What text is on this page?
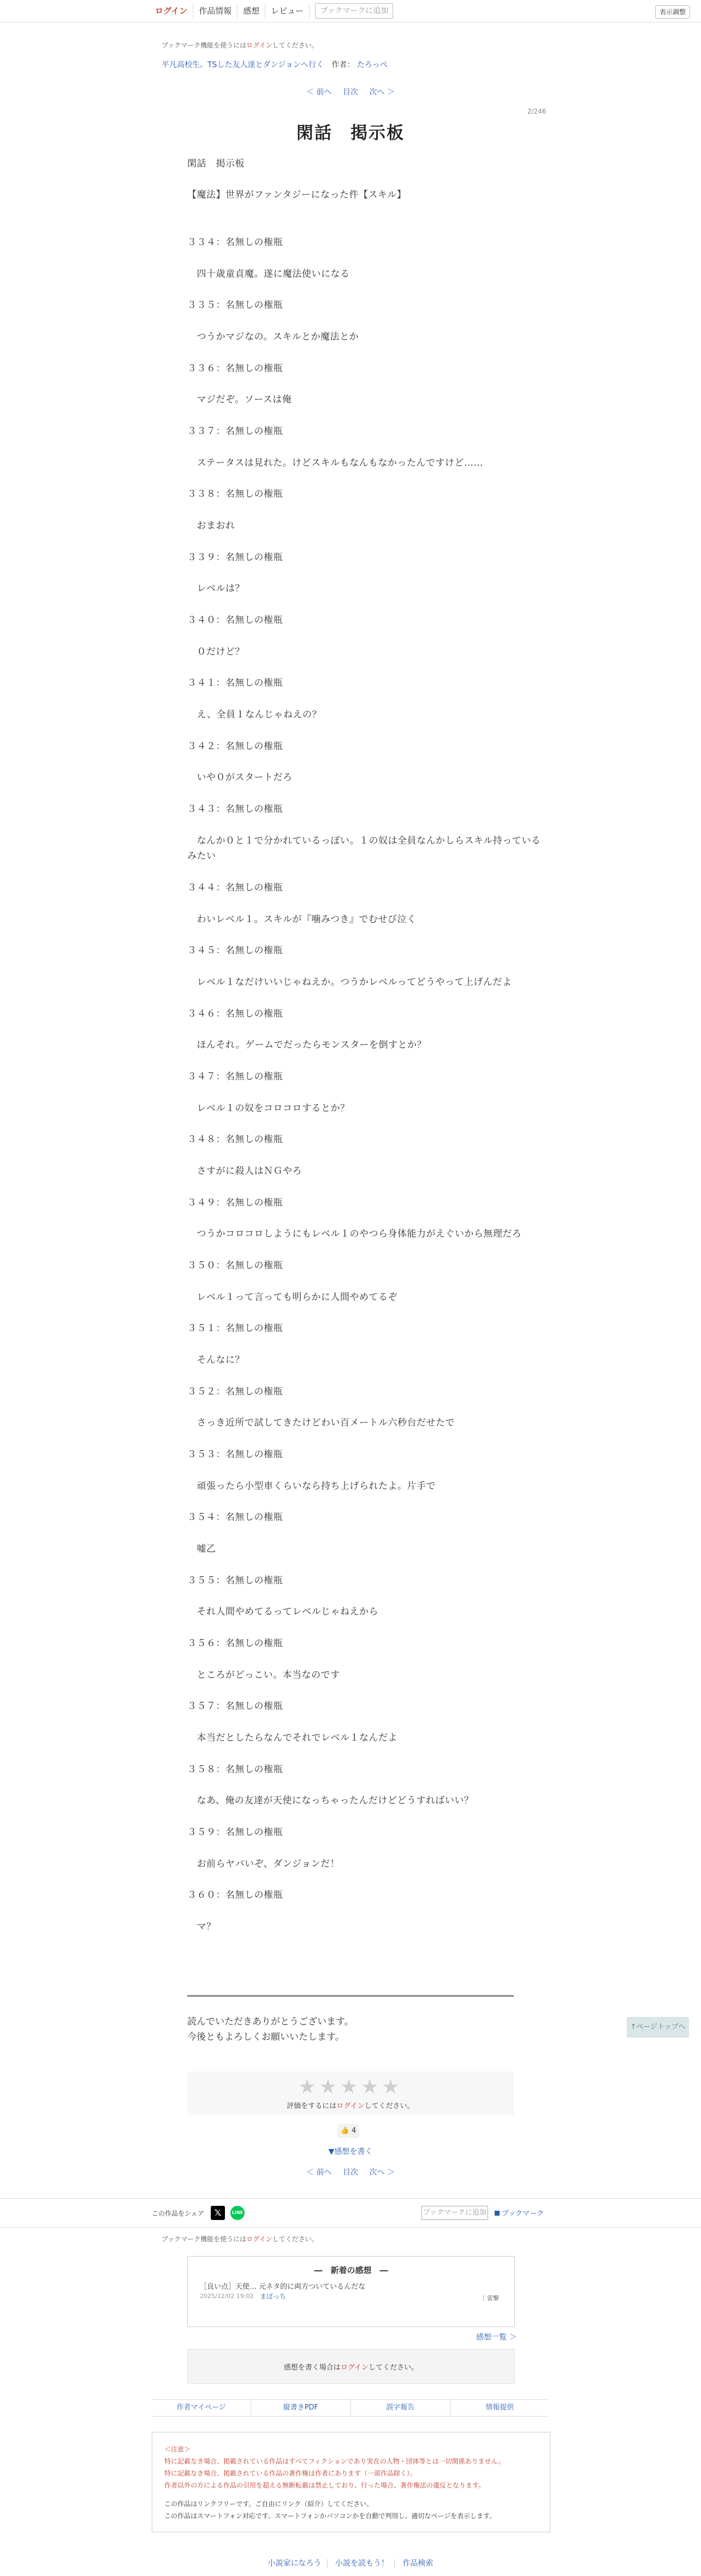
ログイン	作品情報	感想	レビュー	ブックマークに追加	表示調整
ブックマーク機能を使うにはログインしてください。
平凡高校生。TSした友人達とダンジョンへ行く 作者： たろっぺ
＜ 前へ 目次 次へ ＞
2/246
閑話　掲示板
閑話　掲示板
【魔法】世界がファンタジーになった件【スキル】
３３４：名無しの権瓶
　四十歳童貞魔。遂に魔法使いになる
３３５：名無しの権瓶
　つうかマジなの。スキルとか魔法とか
３３６：名無しの権瓶
　マジだぞ。ソースは俺
３３７：名無しの権瓶
　ステータスは見れた。けどスキルもなんもなかったんですけど……
３３８：名無しの権瓶
　おまおれ
３３９：名無しの権瓶
　レベルは？
３４０：名無しの権瓶
　０だけど？
３４１：名無しの権瓶
　え、全員１なんじゃねえの？
３４２：名無しの権瓶
　いや０がスタートだろ
３４３：名無しの権瓶
　なんか０と１で分かれているっぽい。１の奴は全員なんかしらスキル持っている
みたい
３４４：名無しの権瓶
　わいレベル１。スキルが『噛みつき』でむせび泣く
３４５：名無しの権瓶
　レベル１なだけいいじゃねえか。つうかレベルってどうやって上げんだよ
３４６：名無しの権瓶
　ほんそれ。ゲームでだったらモンスターを倒すとか？
３４７：名無しの権瓶
　レベル１の奴をコロコロするとか？
３４８：名無しの権瓶
　さすがに殺人はＮＧやろ
３４９：名無しの権瓶
　つうかコロコロしようにもレベル１のやつら身体能力がえぐいから無理だろ
３５０：名無しの権瓶
　レベル１って言っても明らかに人間やめてるぞ
３５１：名無しの権瓶
　そんなに？
３５２：名無しの権瓶
　さっき近所で試してきたけどわい百メートル六秒台だせたで
３５３：名無しの権瓶
　頑張ったら小型車くらいなら持ち上げられたよ。片手で
３５４：名無しの権瓶
　嘘乙
３５５：名無しの権瓶
　それ人間やめてるってレベルじゃねえから
３５６：名無しの権瓶
　ところがどっこい。本当なのです
３５７：名無しの権瓶
　本当だとしたらなんでそれでレベル１なんだよ
３５８：名無しの権瓶
　なあ、俺の友達が天使になっちゃったんだけどどうすればいい？
３５９：名無しの権瓶
　お前らヤバいぞ、ダンジョンだ！
３６０：名無しの権瓶
　マ？
読んでいただきありがとうございます。
今後ともよろしくお願いいたします。
↑ページトップへ
★★★★★
評価をするにはログインしてください。
👍 4
▼感想を書く
＜ 前へ 目次 次へ ＞
この作品をシェア	𝕏	LINE	ブックマークに追加	ブックマーク
ブックマーク機能を使うにはログインしてください。
―　新着の感想　―
［良い点］天使… 元ネタ的に両方ついているんだな
2025/12/02 19:02 まぼっち	〔 雷撃
感想一覧 ＞
感想を書く場合はログインしてください。
作者マイページ	縦書きPDF	誤字報告	情報提供
＜注意＞
特に記載なき場合、掲載されている作品はすべてフィクションであり実在の人物・団体等とは一切関係ありません。
特に記載なき場合、掲載されている作品の著作権は作者にあります（一部作品除く）。
作者以外の方による作品の引用を超える無断転載は禁止しており、行った場合、著作権法の違反となります。
この作品はリンクフリーです。ご自由にリンク（紹介）してください。
この作品はスマートフォン対応です。スマートフォンかパソコンかを自動で判別し、適切なページを表示します。
小説家になろう 小説を読もう！ 作品検索
